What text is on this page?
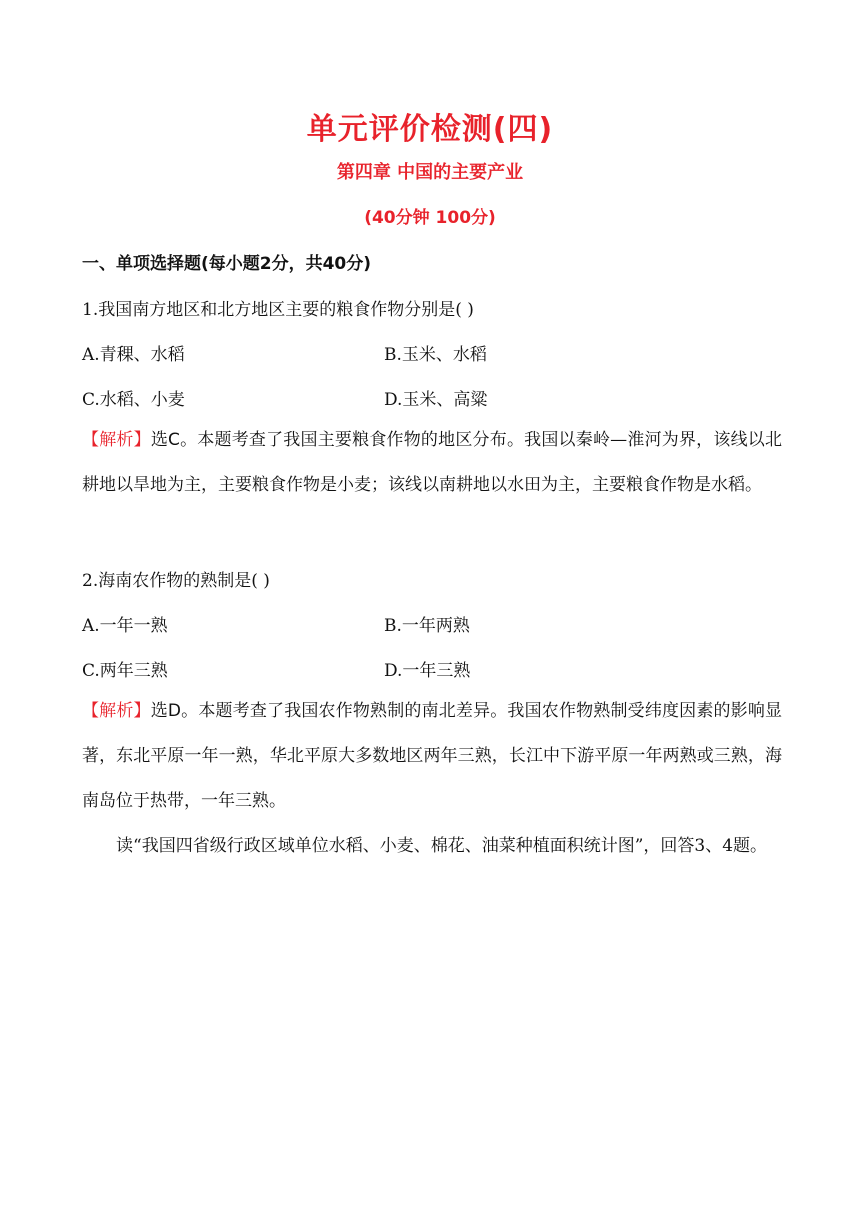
单元评价检测(四)
第四章 中国的主要产业
(40分钟 100分)
一、单项选择题(每小题2分，共40分)
1.我国南方地区和北方地区主要的粮食作物分别是( )
A.青稞、水稻	B.玉米、水稻
C.水稻、小麦	D.玉米、高粱
【解析】选C。本题考查了我国主要粮食作物的地区分布。我国以秦岭—淮河为界，该线以北耕地以旱地为主，主要粮食作物是小麦；该线以南耕地以水田为主，主要粮食作物是水稻。
2.海南农作物的熟制是( )
A.一年一熟	B.一年两熟
C.两年三熟	D.一年三熟
【解析】选D。本题考查了我国农作物熟制的南北差异。我国农作物熟制受纬度因素的影响显著，东北平原一年一熟，华北平原大多数地区两年三熟，长江中下游平原一年两熟或三熟，海南岛位于热带，一年三熟。
读“我国四省级行政区域单位水稻、小麦、棉花、油菜种植面积统计图”，回答3、4题。
